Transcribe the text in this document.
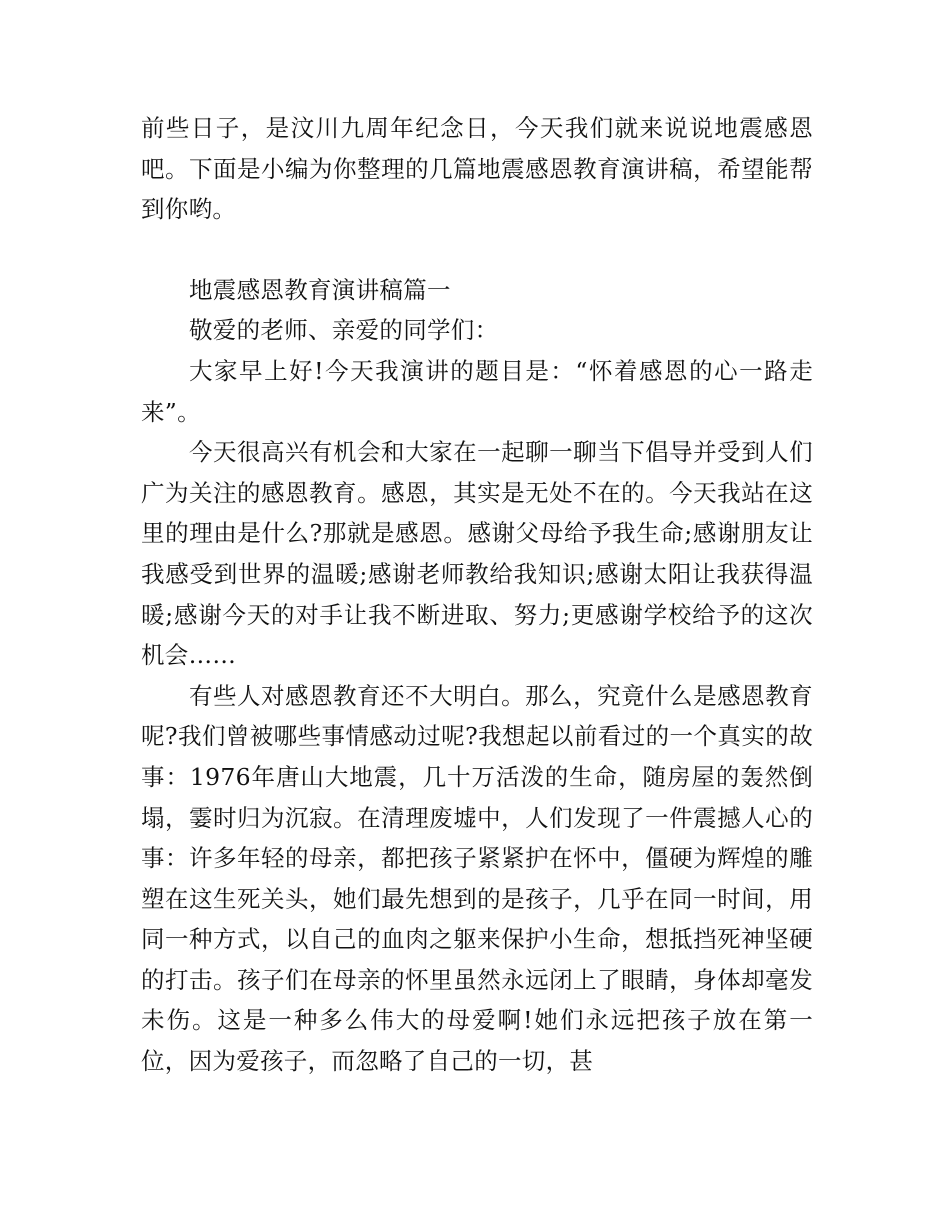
前些日子，是汶川九周年纪念日，今天我们就来说说地震感恩吧。下面是小编为你整理的几篇地震感恩教育演讲稿，希望能帮到你哟。

地震感恩教育演讲稿篇一

敬爱的老师、亲爱的同学们：

大家早上好!今天我演讲的题目是：“怀着感恩的心一路走来”。

今天很高兴有机会和大家在一起聊一聊当下倡导并受到人们广为关注的感恩教育。感恩，其实是无处不在的。今天我站在这里的理由是什么?那就是感恩。感谢父母给予我生命;感谢朋友让我感受到世界的温暖;感谢老师教给我知识;感谢太阳让我获得温暖;感谢今天的对手让我不断进取、努力;更感谢学校给予的这次机会……

有些人对感恩教育还不大明白。那么，究竟什么是感恩教育呢?我们曾被哪些事情感动过呢?我想起以前看过的一个真实的故事：1976年唐山大地震，几十万活泼的生命，随房屋的轰然倒塌，霎时归为沉寂。在清理废墟中，人们发现了一件震撼人心的事：许多年轻的母亲，都把孩子紧紧护在怀中，僵硬为辉煌的雕塑在这生死关头，她们最先想到的是孩子，几乎在同一时间，用同一种方式，以自己的血肉之躯来保护小生命，想抵挡死神坚硬的打击。孩子们在母亲的怀里虽然永远闭上了眼睛，身体却毫发未伤。这是一种多么伟大的母爱啊!她们永远把孩子放在第一位，因为爱孩子，而忽略了自己的一切，甚
